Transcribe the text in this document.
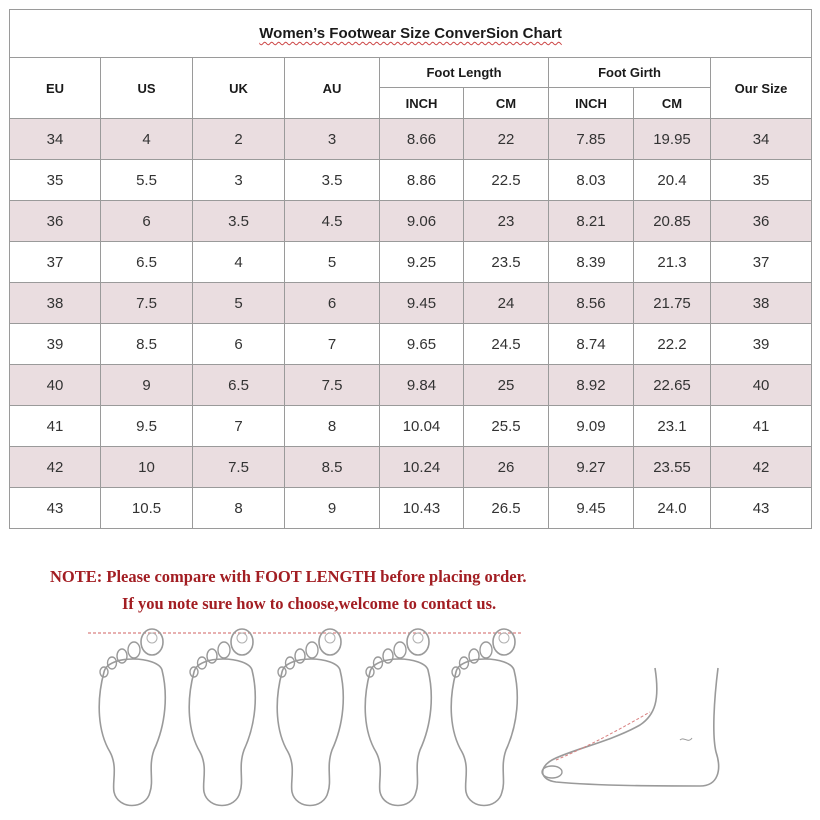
Women’s Footwear Size ConverSion Chart								
EU	US	UK	AU	Foot Length		Foot Girth		Our Size
				INCH	CM	INCH	CM	
34	4	2	3	8.66	22	7.85	19.95	34
35	5.5	3	3.5	8.86	22.5	8.03	20.4	35
36	6	3.5	4.5	9.06	23	8.21	20.85	36
37	6.5	4	5	9.25	23.5	8.39	21.3	37
38	7.5	5	6	9.45	24	8.56	21.75	38
39	8.5	6	7	9.65	24.5	8.74	22.2	39
40	9	6.5	7.5	9.84	25	8.92	22.65	40
41	9.5	7	8	10.04	25.5	9.09	23.1	41
42	10	7.5	8.5	10.24	26	9.27	23.55	42
43	10.5	8	9	10.43	26.5	9.45	24.0	43
NOTE: Please compare with FOOT LENGTH before placing order.
If you note sure how to choose,welcome to contact us.
